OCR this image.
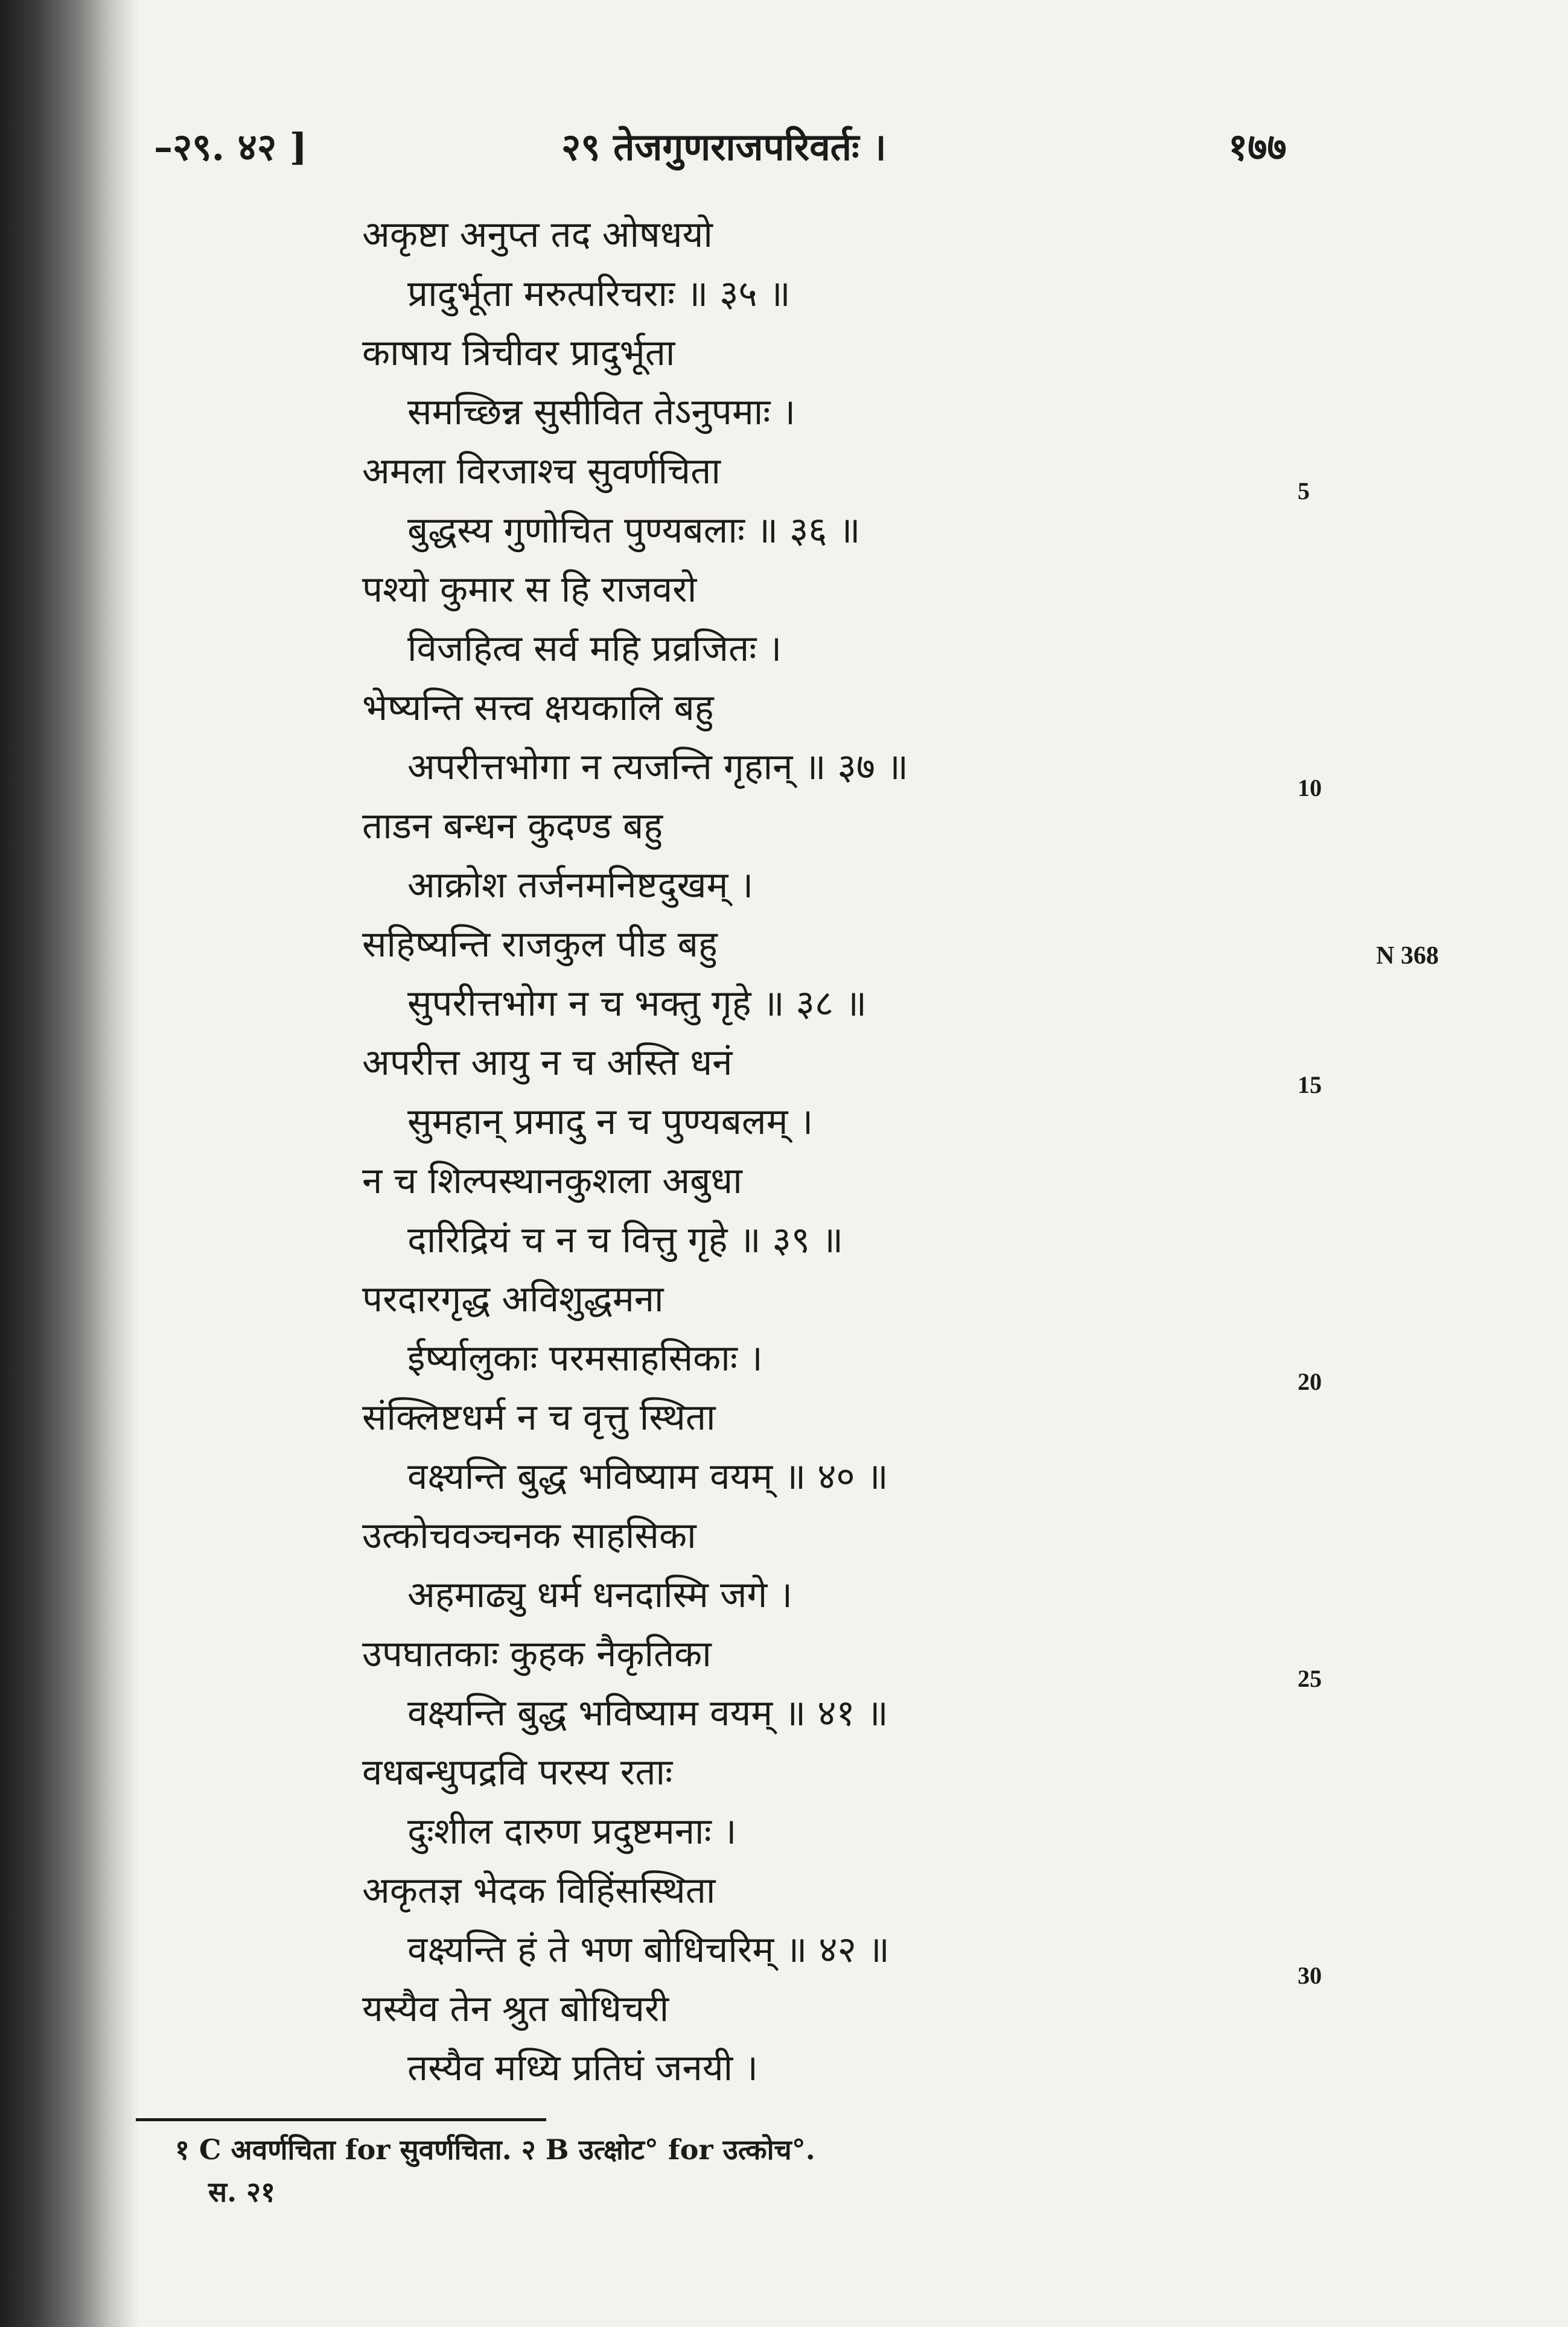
–२९. ४२ ]	२९ तेजगुणराजपरिवर्तः ।	१७७
अकृष्टा अनुप्त तद ओषधयो
प्रादुर्भूता मरुत्परिचराः ॥ ३५ ॥
काषाय त्रिचीवर प्रादुर्भूता
समच्छिन्न सुसीवित तेऽनुपमाः ।
अमला विरजाश्च सुवर्णचिता
बुद्धस्य गुणोचित पुण्यबलाः ॥ ३६ ॥
पश्यो कुमार स हि राजवरो
विजहित्व सर्व महि प्रव्रजितः ।
भेष्यन्ति सत्त्व क्षयकालि बहु
अपरीत्तभोगा न त्यजन्ति गृहान् ॥ ३७ ॥
ताडन बन्धन कुदण्ड बहु
आक्रोश तर्जनमनिष्टदुखम् ।
सहिष्यन्ति राजकुल पीड बहु
सुपरीत्तभोग न च भक्तु गृहे ॥ ३८ ॥
अपरीत्त आयु न च अस्ति धनं
सुमहान् प्रमादु न च पुण्यबलम् ।
न च शिल्पस्थानकुशला अबुधा
दारिद्रियं च न च वित्तु गृहे ॥ ३९ ॥
परदारगृद्ध अविशुद्धमना
ईर्ष्यालुकाः परमसाहसिकाः ।
संक्लिष्टधर्म न च वृत्तु स्थिता
वक्ष्यन्ति बुद्ध भविष्याम वयम् ॥ ४० ॥
उत्कोचवञ्चनक साहसिका
अहमाढ्यु धर्म धनदास्मि जगे ।
उपघातकाः कुहक नैकृतिका
वक्ष्यन्ति बुद्ध भविष्याम वयम् ॥ ४१ ॥
वधबन्धुपद्रवि परस्य रताः
दुःशील दारुण प्रदुष्टमनाः ।
अकृतज्ञ भेदक विहिंसस्थिता
वक्ष्यन्ति हं ते भण बोधिचरिम् ॥ ४२ ॥
यस्यैव तेन श्रुत बोधिचरी
तस्यैव मध्यि प्रतिघं जनयी ।
5
10
15
20
25
30
N 368
१ C अवर्णचिता for सुवर्णचिता. २ B उत्क्षोट° for उत्कोच°.
स. २१
